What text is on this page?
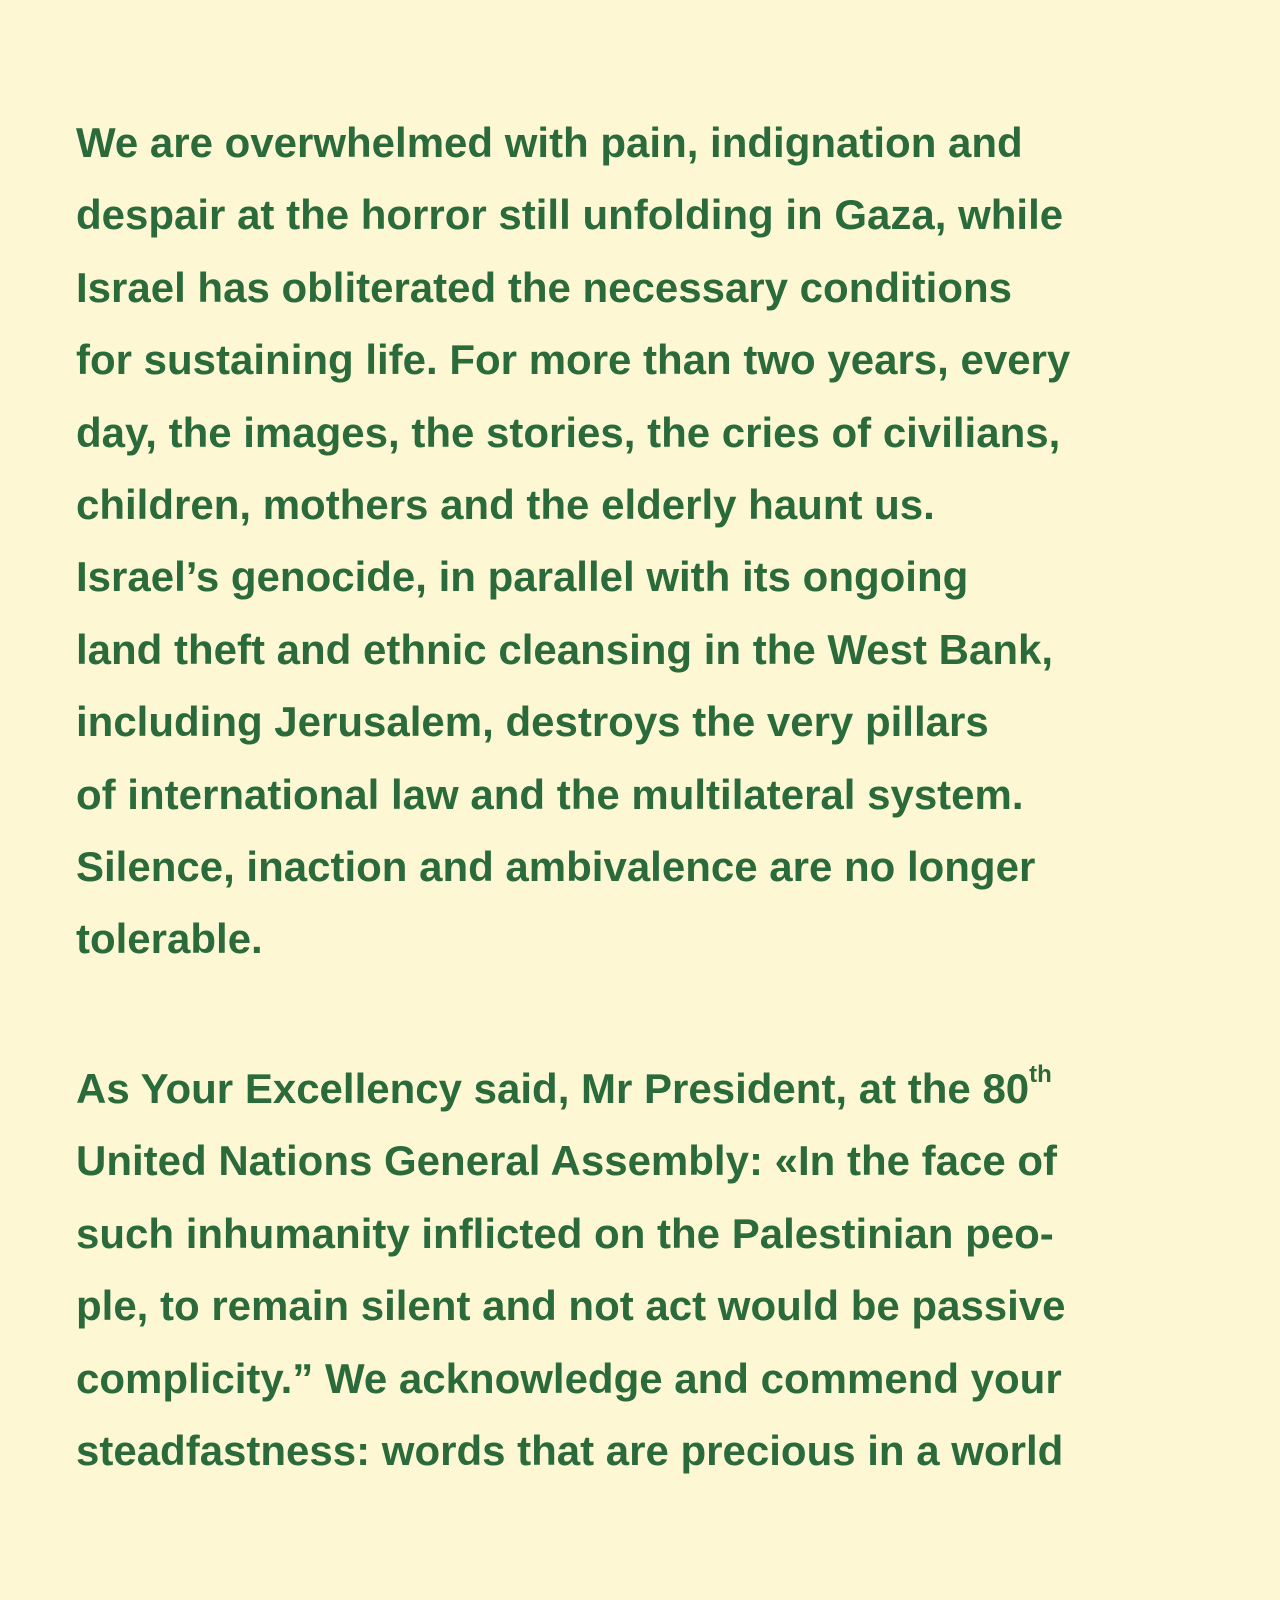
We are overwhelmed with pain, indignation and
despair at the horror still unfolding in Gaza, while
Israel has obliterated the necessary conditions
for sustaining life. For more than two years, every
day, the images, the stories, the cries of civilians,
children, mothers and the elderly haunt us.
Israel’s genocide, in parallel with its ongoing
land theft and ethnic cleansing in the West Bank,
including Jerusalem, destroys the very pillars
of international law and the multilateral system.
Silence, inaction and ambivalence are no longer
tolerable.

As Your Excellency said, Mr President, at the 80th
United Nations General Assembly: «In the face of
such inhumanity inflicted on the Palestinian peo-
ple, to remain silent and not act would be passive
complicity.” We acknowledge and commend your
steadfastness: words that are precious in a world
